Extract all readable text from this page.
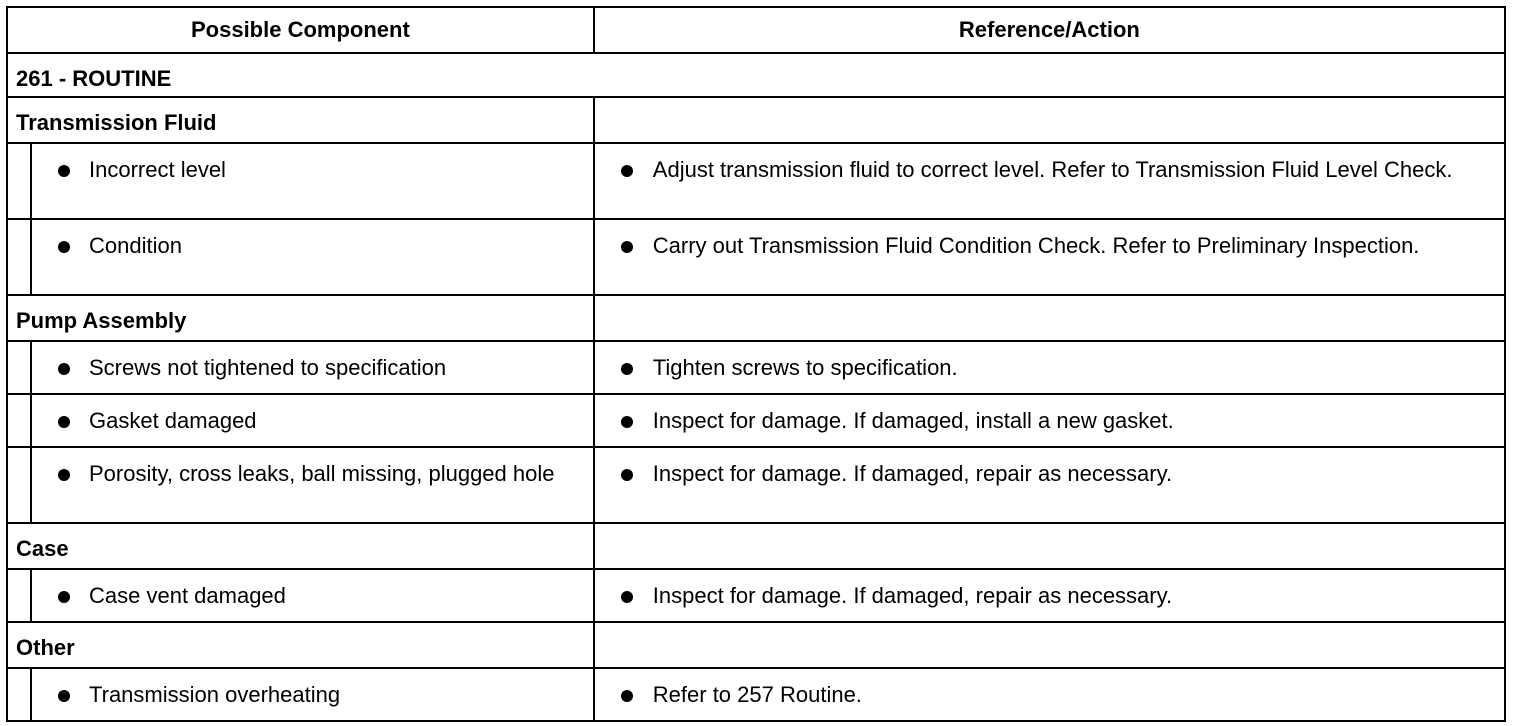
Possible Component	Reference/Action
261 - ROUTINE	
Transmission Fluid	

Incorrect level	Adjust transmission fluid to correct level. Refer to Transmission Fluid Level Check.

Condition	Carry out Transmission Fluid Condition Check. Refer to Preliminary Inspection.

Pump Assembly	

Screws not tightened to specification	Tighten screws to specification.

Gasket damaged	Inspect for damage. If damaged, install a new gasket.

Porosity, cross leaks, ball missing, plugged hole	Inspect for damage. If damaged, repair as necessary.

Case	

Case vent damaged	Inspect for damage. If damaged, repair as necessary.

Other	

Transmission overheating	Refer to 257 Routine.
